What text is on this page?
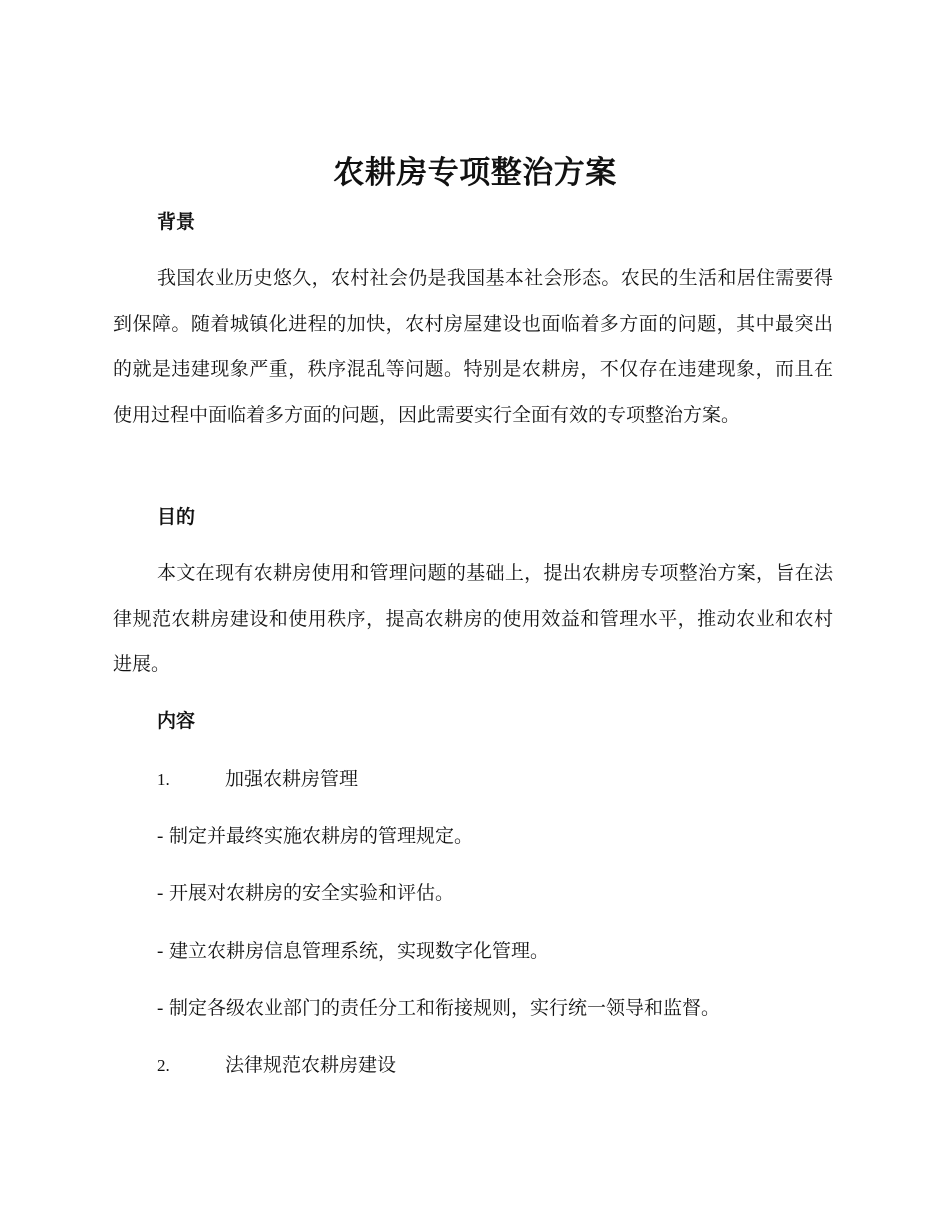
农耕房专项整治方案
背景

我国农业历史悠久，农村社会仍是我国基本社会形态。农民的生活和居住需要得到保障。随着城镇化进程的加快，农村房屋建设也面临着多方面的问题，其中最突出的就是违建现象严重，秩序混乱等问题。特别是农耕房，不仅存在违建现象，而且在使用过程中面临着多方面的问题，因此需要实行全面有效的专项整治方案。

目的

本文在现有农耕房使用和管理问题的基础上，提出农耕房专项整治方案，旨在法律规范农耕房建设和使用秩序，提高农耕房的使用效益和管理水平，推动农业和农村进展。

内容

1.	加强农耕房管理

- 制定并最终实施农耕房的管理规定。

- 开展对农耕房的安全实验和评估。

- 建立农耕房信息管理系统，实现数字化管理。

- 制定各级农业部门的责任分工和衔接规则，实行统一领导和监督。

2.	法律规范农耕房建设
